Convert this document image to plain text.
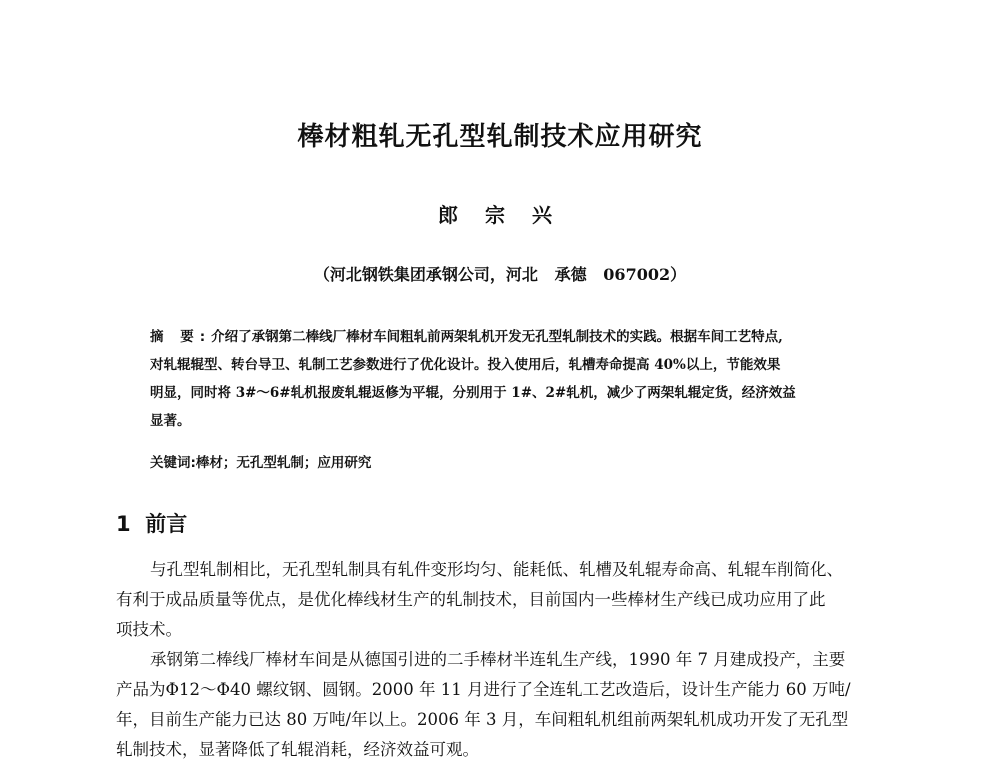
棒材粗轧无孔型轧制技术应用研究
郎 宗 兴
（河北钢铁集团承钢公司，河北   承德   067002）
摘 要:介绍了承钢第二棒线厂棒材车间粗轧前两架轧机开发无孔型轧制技术的实践。根据车间工艺特点,
对轧辊辊型、转台导卫、轧制工艺参数进行了优化设计。投入使用后，轧槽寿命提高 40%以上，节能效果
明显，同时将 3#～6#轧机报废轧辊返修为平辊，分别用于 1#、2#轧机，减少了两架轧辊定货，经济效益
显著。
关键词:棒材；无孔型轧制；应用研究
1  前言
与孔型轧制相比，无孔型轧制具有轧件变形均匀、能耗低、轧槽及轧辊寿命高、轧辊车削简化、
有利于成品质量等优点，是优化棒线材生产的轧制技术，目前国内一些棒材生产线已成功应用了此
项技术。
承钢第二棒线厂棒材车间是从德国引进的二手棒材半连轧生产线，1990 年 7 月建成投产，主要
产品为Φ12～Φ40 螺纹钢、圆钢。2000 年 11 月进行了全连轧工艺改造后，设计生产能力 60 万吨/
年，目前生产能力已达 80 万吨/年以上。2006 年 3 月，车间粗轧机组前两架轧机成功开发了无孔型
轧制技术，显著降低了轧辊消耗，经济效益可观。
